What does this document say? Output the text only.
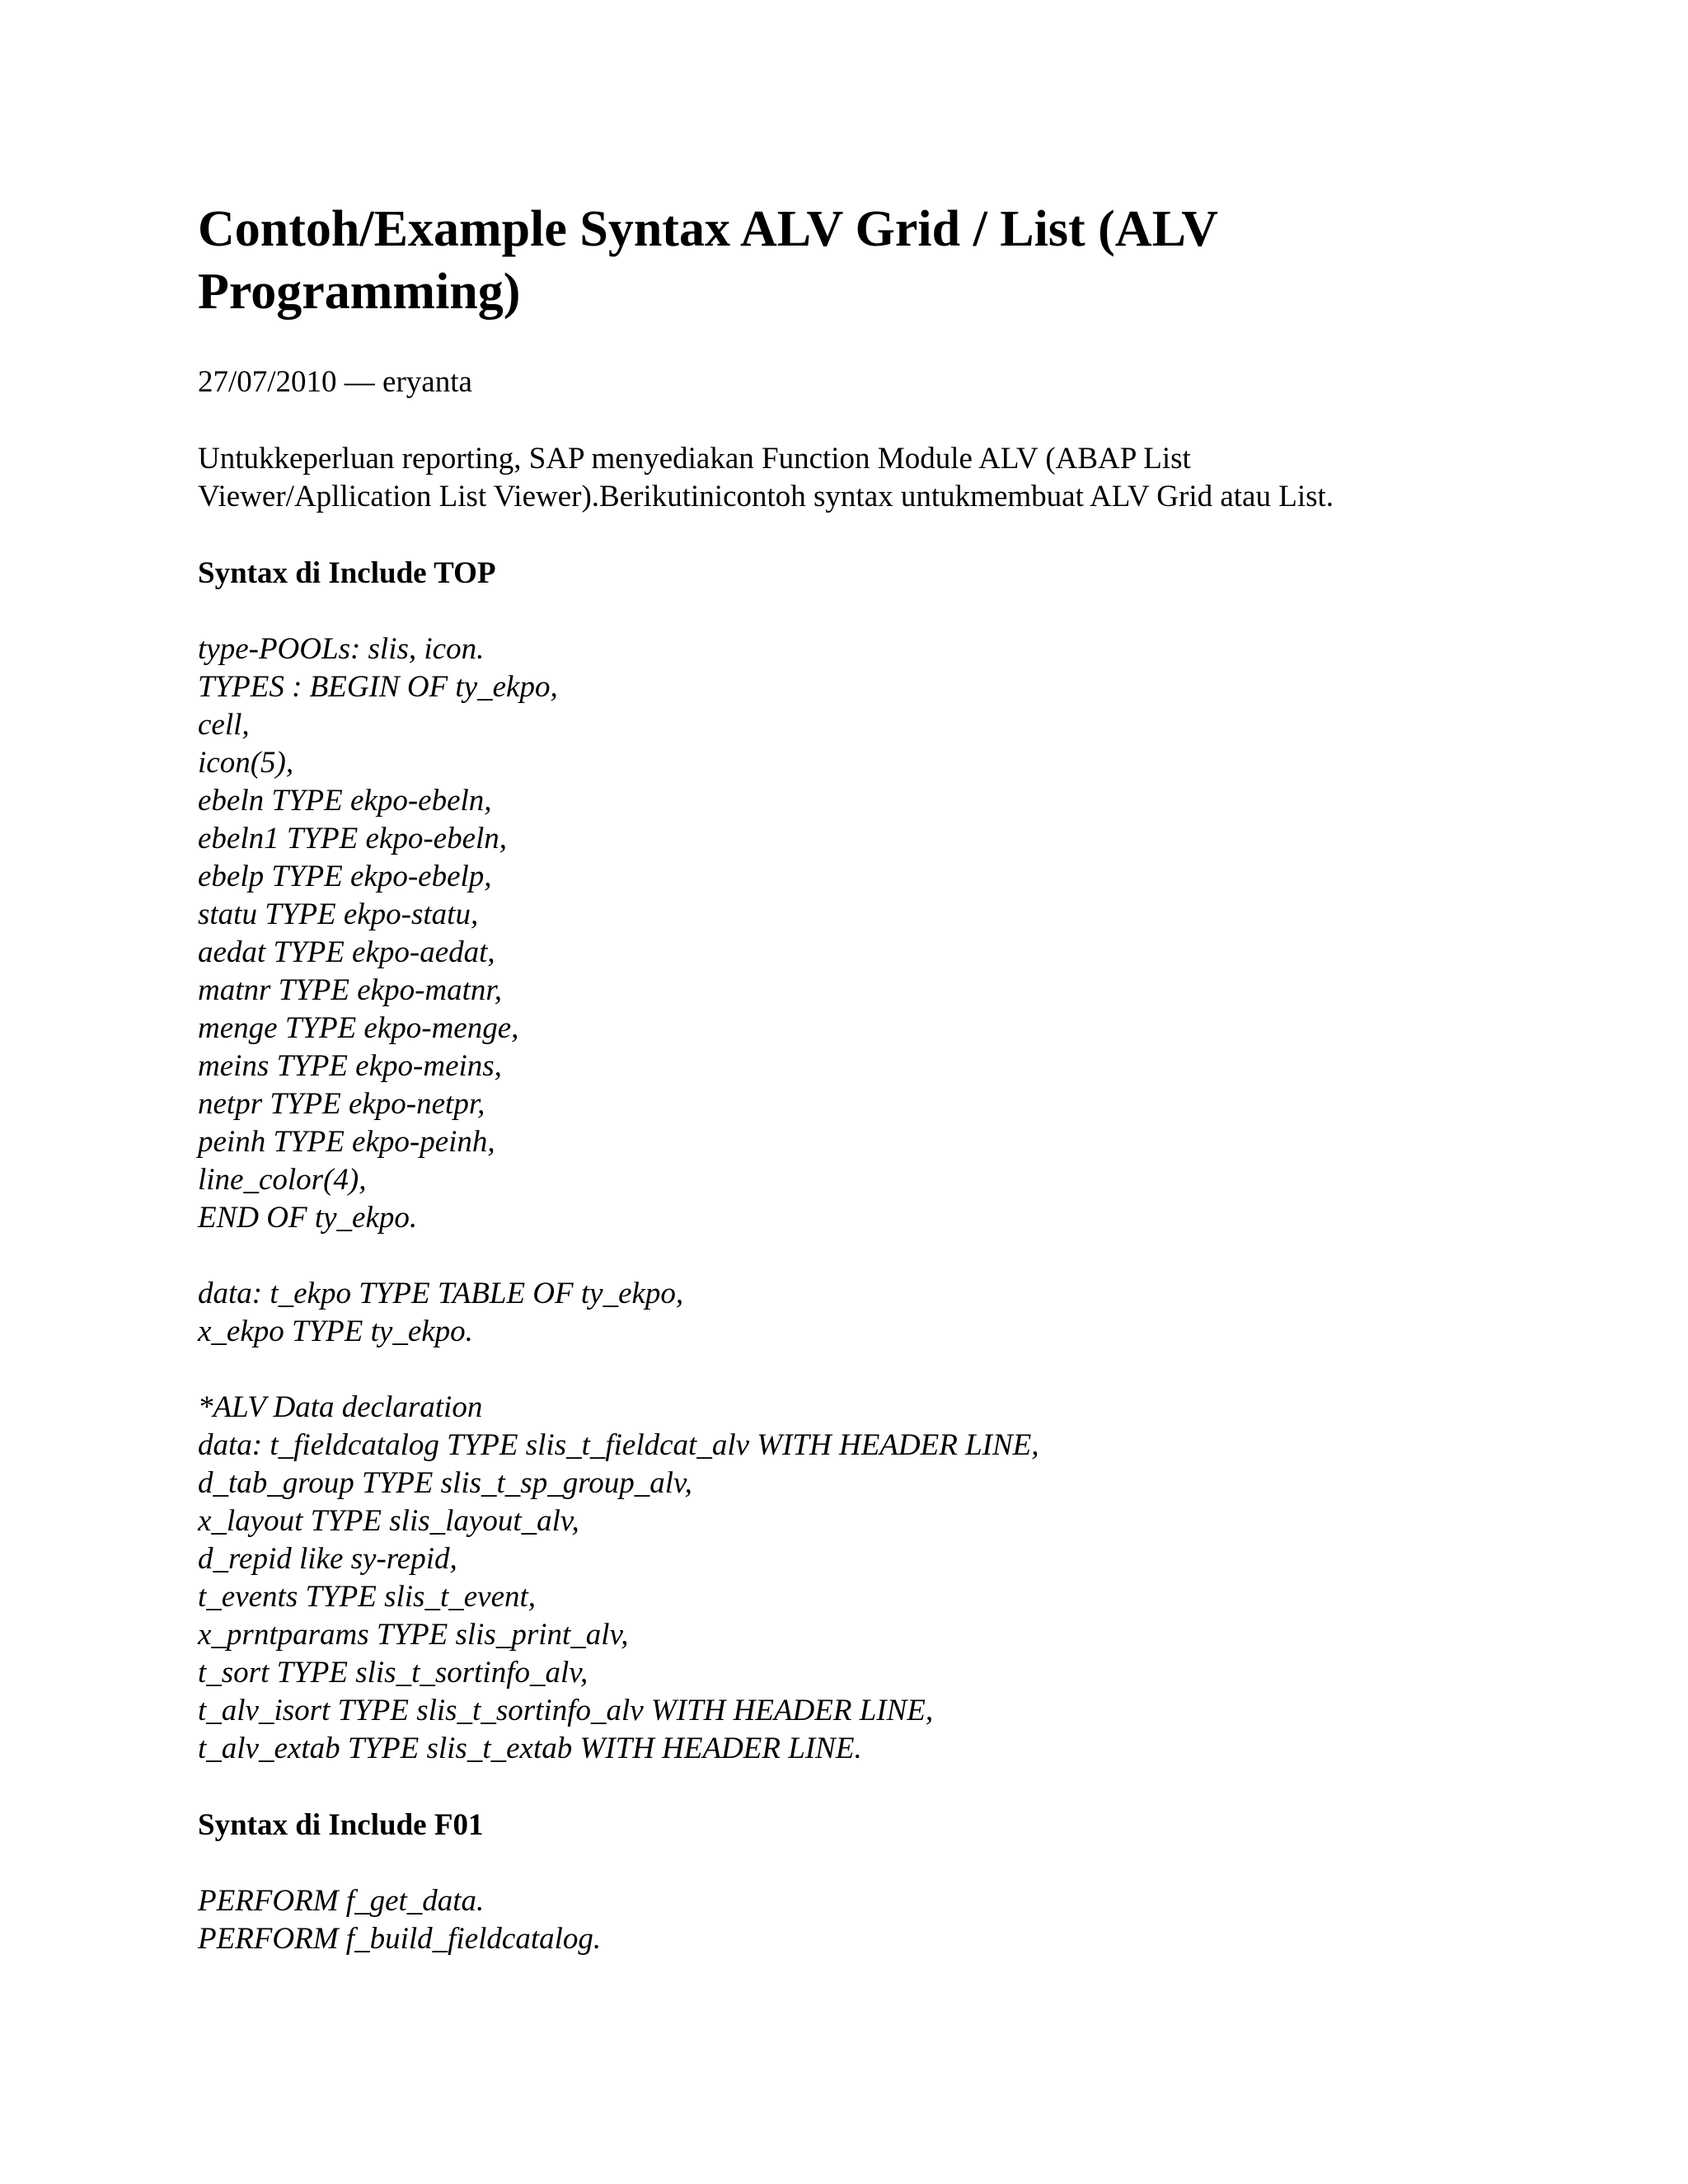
Contoh/Example Syntax ALV Grid / List (ALV
Programming)
27/07/2010 — eryanta
Untukkeperluan reporting, SAP menyediakan Function Module ALV (ABAP List
Viewer/Apllication List Viewer).Berikutinicontoh syntax untukmembuat ALV Grid atau List.
Syntax di Include TOP
type-POOLs: slis, icon.
TYPES : BEGIN OF ty_ekpo,
cell,
icon(5),
ebeln TYPE ekpo-ebeln,
ebeln1 TYPE ekpo-ebeln,
ebelp TYPE ekpo-ebelp,
statu TYPE ekpo-statu,
aedat TYPE ekpo-aedat,
matnr TYPE ekpo-matnr,
menge TYPE ekpo-menge,
meins TYPE ekpo-meins,
netpr TYPE ekpo-netpr,
peinh TYPE ekpo-peinh,
line_color(4),
END OF ty_ekpo.
data: t_ekpo TYPE TABLE OF ty_ekpo,
x_ekpo TYPE ty_ekpo.
*ALV Data declaration
data: t_fieldcatalog TYPE slis_t_fieldcat_alv WITH HEADER LINE,
d_tab_group TYPE slis_t_sp_group_alv,
x_layout TYPE slis_layout_alv,
d_repid like sy-repid,
t_events TYPE slis_t_event,
x_prntparams TYPE slis_print_alv,
t_sort TYPE slis_t_sortinfo_alv,
t_alv_isort TYPE slis_t_sortinfo_alv WITH HEADER LINE,
t_alv_extab TYPE slis_t_extab WITH HEADER LINE.
Syntax di Include F01
PERFORM f_get_data.
PERFORM f_build_fieldcatalog.
